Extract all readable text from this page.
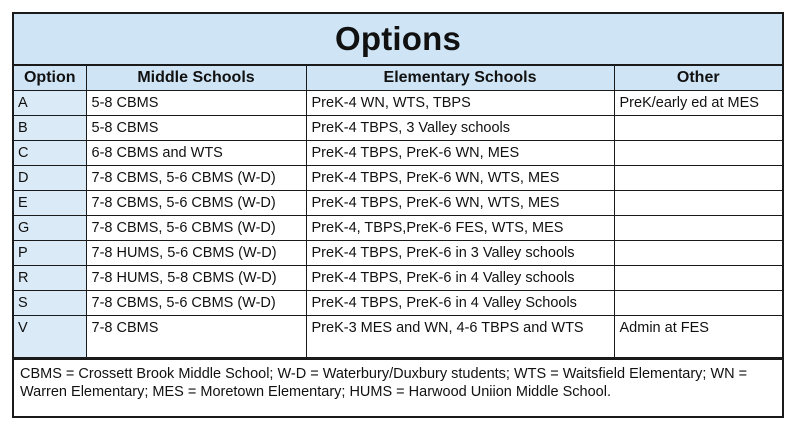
Options
Option	Middle Schools	Elementary Schools	Other
A	5-8 CBMS	PreK-4 WN, WTS, TBPS	PreK/early ed at MES
B	5-8 CBMS	PreK-4 TBPS, 3 Valley schools	
C	6-8 CBMS and WTS	PreK-4 TBPS, PreK-6 WN, MES	
D	7-8 CBMS, 5-6 CBMS (W-D)	PreK-4 TBPS, PreK-6 WN, WTS, MES	
E	7-8 CBMS, 5-6 CBMS (W-D)	PreK-4 TBPS, PreK-6 WN, WTS, MES	
G	7-8 CBMS, 5-6 CBMS (W-D)	PreK-4, TBPS,PreK-6 FES, WTS, MES	
P	7-8 HUMS, 5-6 CBMS (W-D)	PreK-4 TBPS, PreK-6 in 3 Valley schools	
R	7-8 HUMS, 5-8 CBMS (W-D)	PreK-4 TBPS, PreK-6 in 4 Valley schools	
S	7-8 CBMS, 5-6 CBMS (W-D)	PreK-4 TBPS, PreK-6 in 4 Valley Schools	
V	7-8 CBMS	PreK-3 MES and WN, 4-6 TBPS and WTS	Admin at FES
CBMS = Crossett Brook Middle School; W-D = Waterbury/Duxbury students; WTS = Waitsfield Elementary; WN = Warren Elementary; MES = Moretown Elementary; HUMS = Harwood Uniion Middle School.
